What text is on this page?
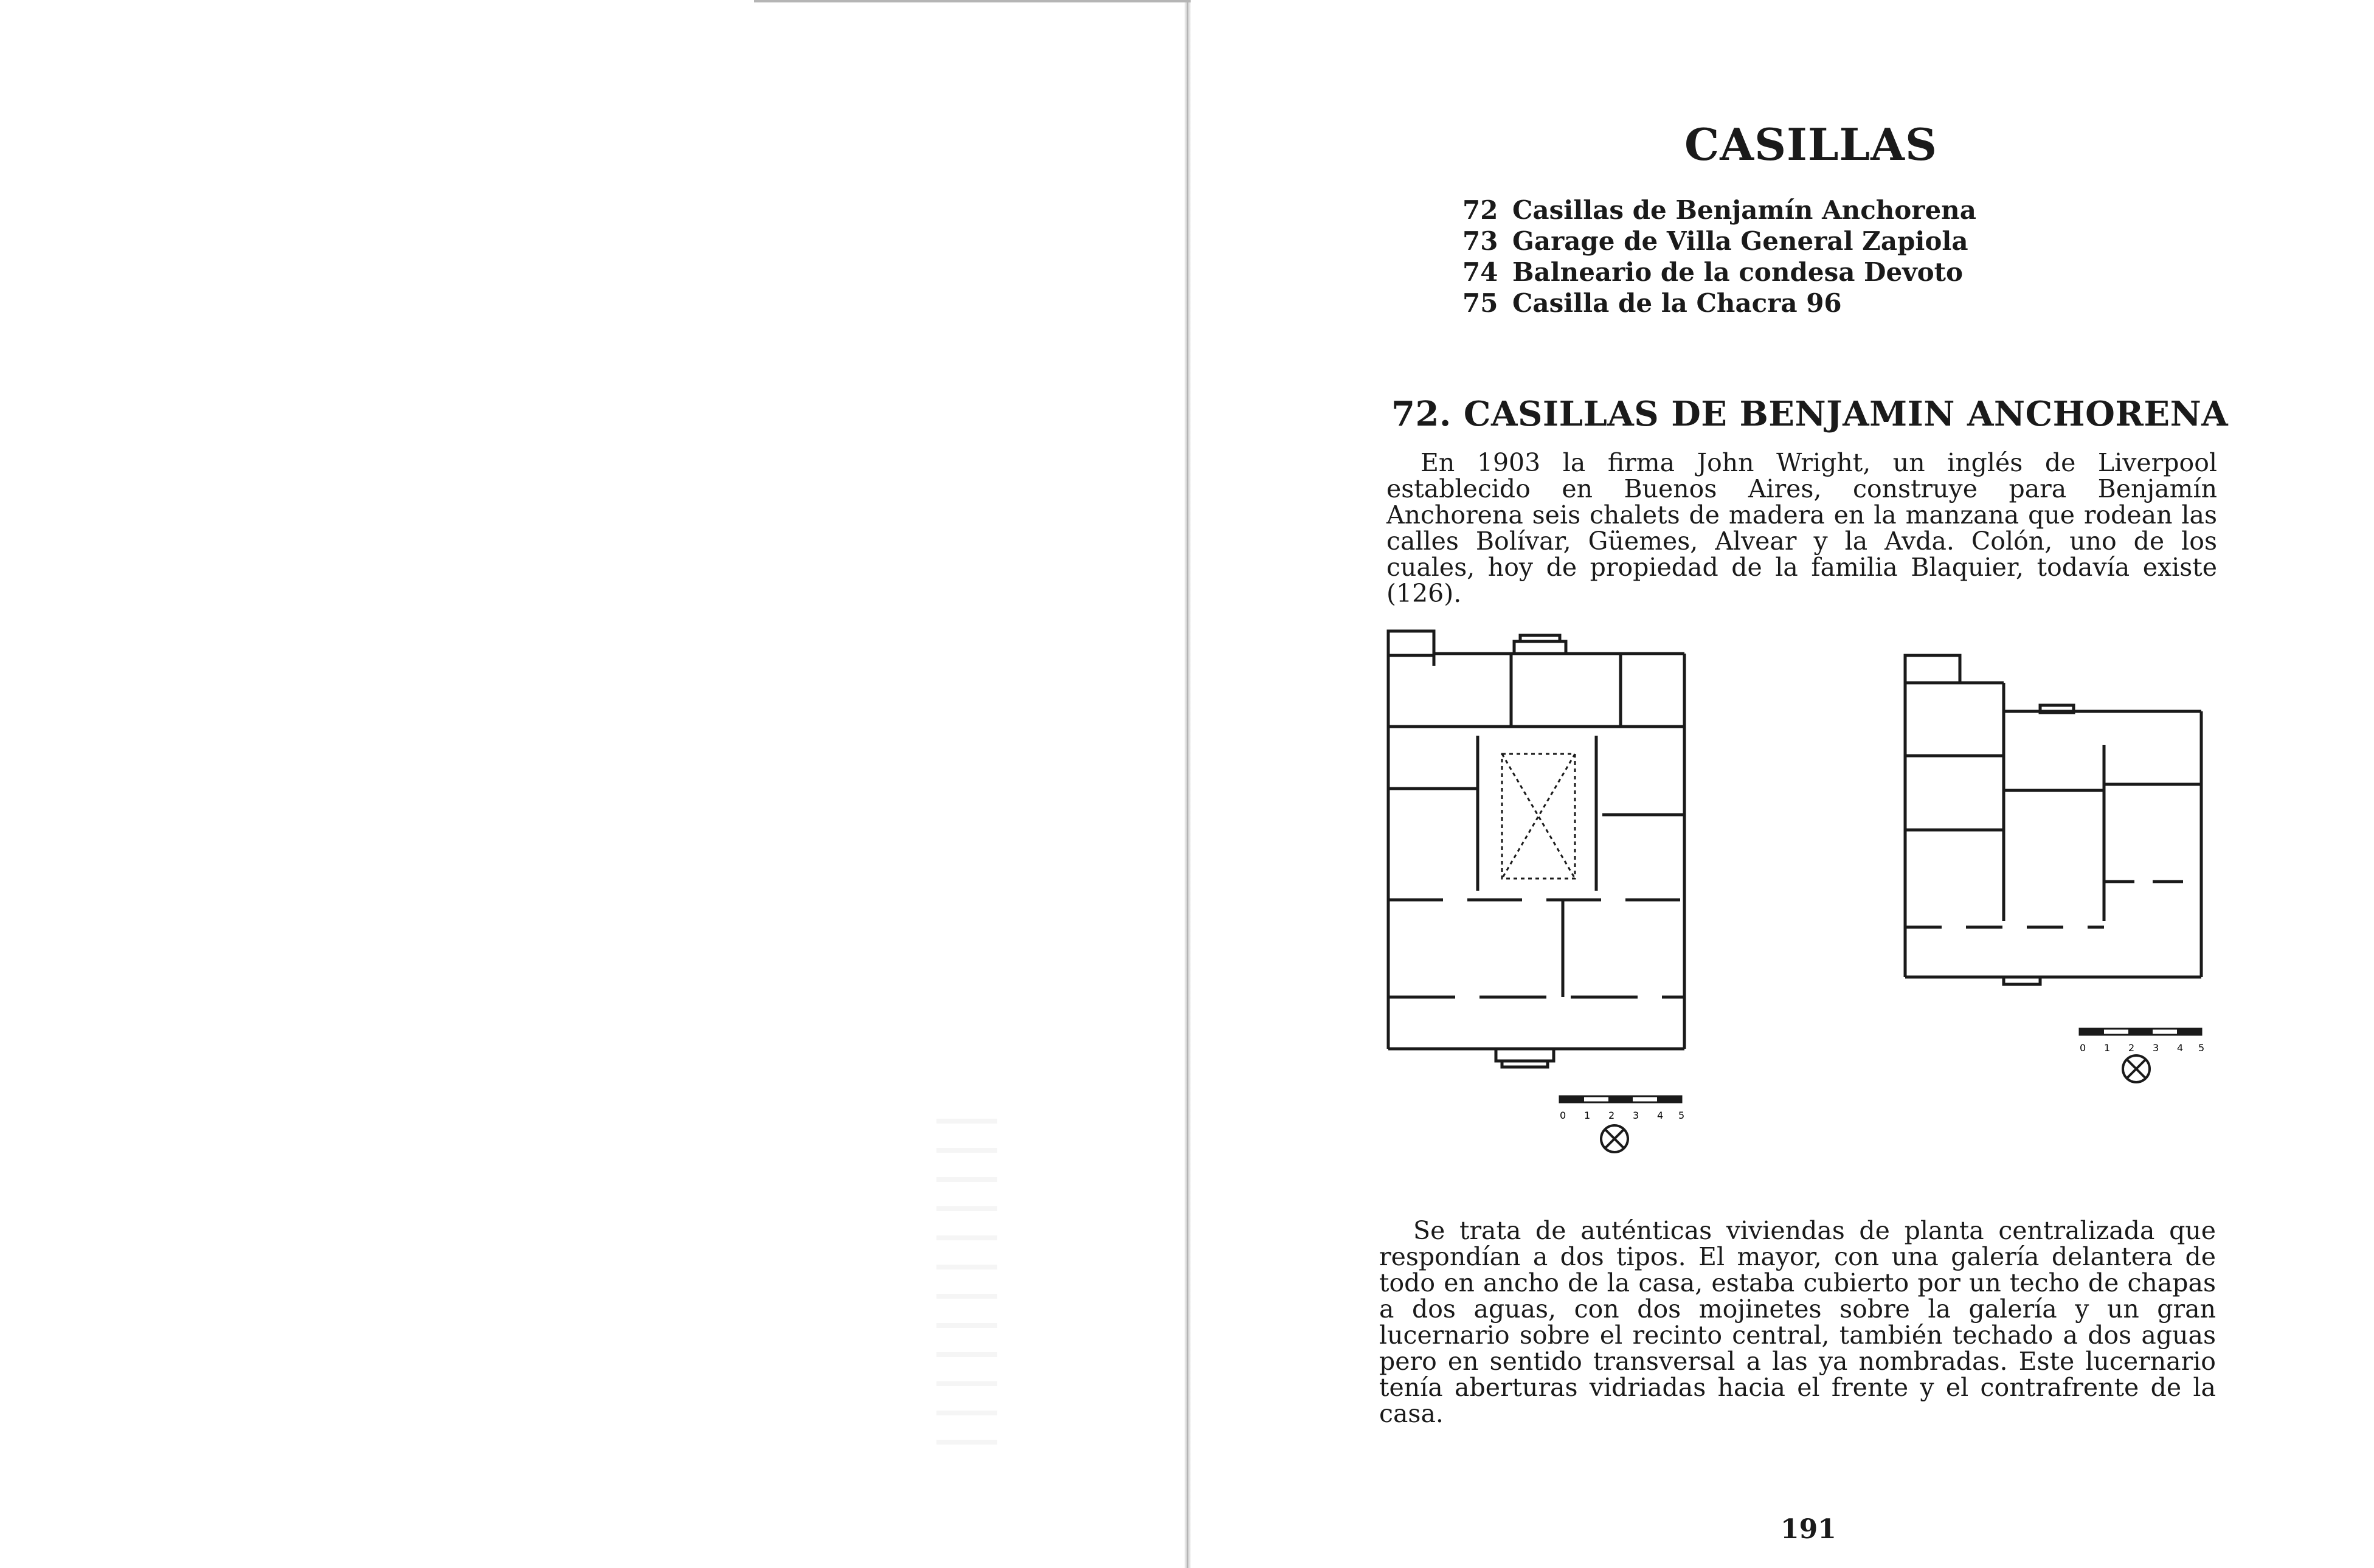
CASILLAS
72 Casillas de Benjamín Anchorena
73 Garage de Villa General Zapiola
74 Balneario de la condesa Devoto
75 Casilla de la Chacra 96
72. CASILLAS DE BENJAMIN ANCHORENA
En 1903 la firma John Wright, un inglés de Liverpool establecido en Buenos Aires, construye para Benjamín Anchorena seis chalets de madera en la manzana que rodean las calles Bolívar, Güemes, Alvear y la Avda. Colón, uno de los cuales, hoy de propiedad de la familia Blaquier, todavía existe (126).
0 1 2 3 4 5
0 1 2 3 4 5
Se trata de auténticas viviendas de planta centralizada que respondían a dos tipos. El mayor, con una galería delantera de todo en ancho de la casa, estaba cubierto por un techo de chapas a dos aguas, con dos mojinetes sobre la galería y un gran lucernario sobre el recinto central, también techado a dos aguas pero en sentido transversal a las ya nombradas. Este lucernario tenía aberturas vidriadas hacia el frente y el contrafrente de la casa.
191
